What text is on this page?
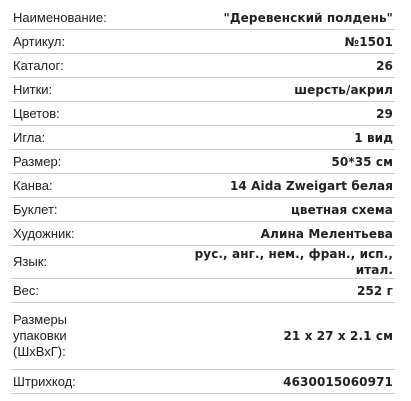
Наименование:	"Деревенский полдень"
Артикул:	№1501
Каталог:	26
Нитки:	шерсть/акрил
Цветов:	29
Игла:	1 вид
Размер:	50*35 см
Канва:	14 Aida Zweigart белая
Буклет:	цветная схема
Художник:	Алина Мелентьева
Язык:	рус., анг., нем., фран., исп., итал.
Вес:	252 г

Размеры
упаковки
(ШхВхГ):	21 x 27 x 2.1 см
Штрихкод:	4630015060971
